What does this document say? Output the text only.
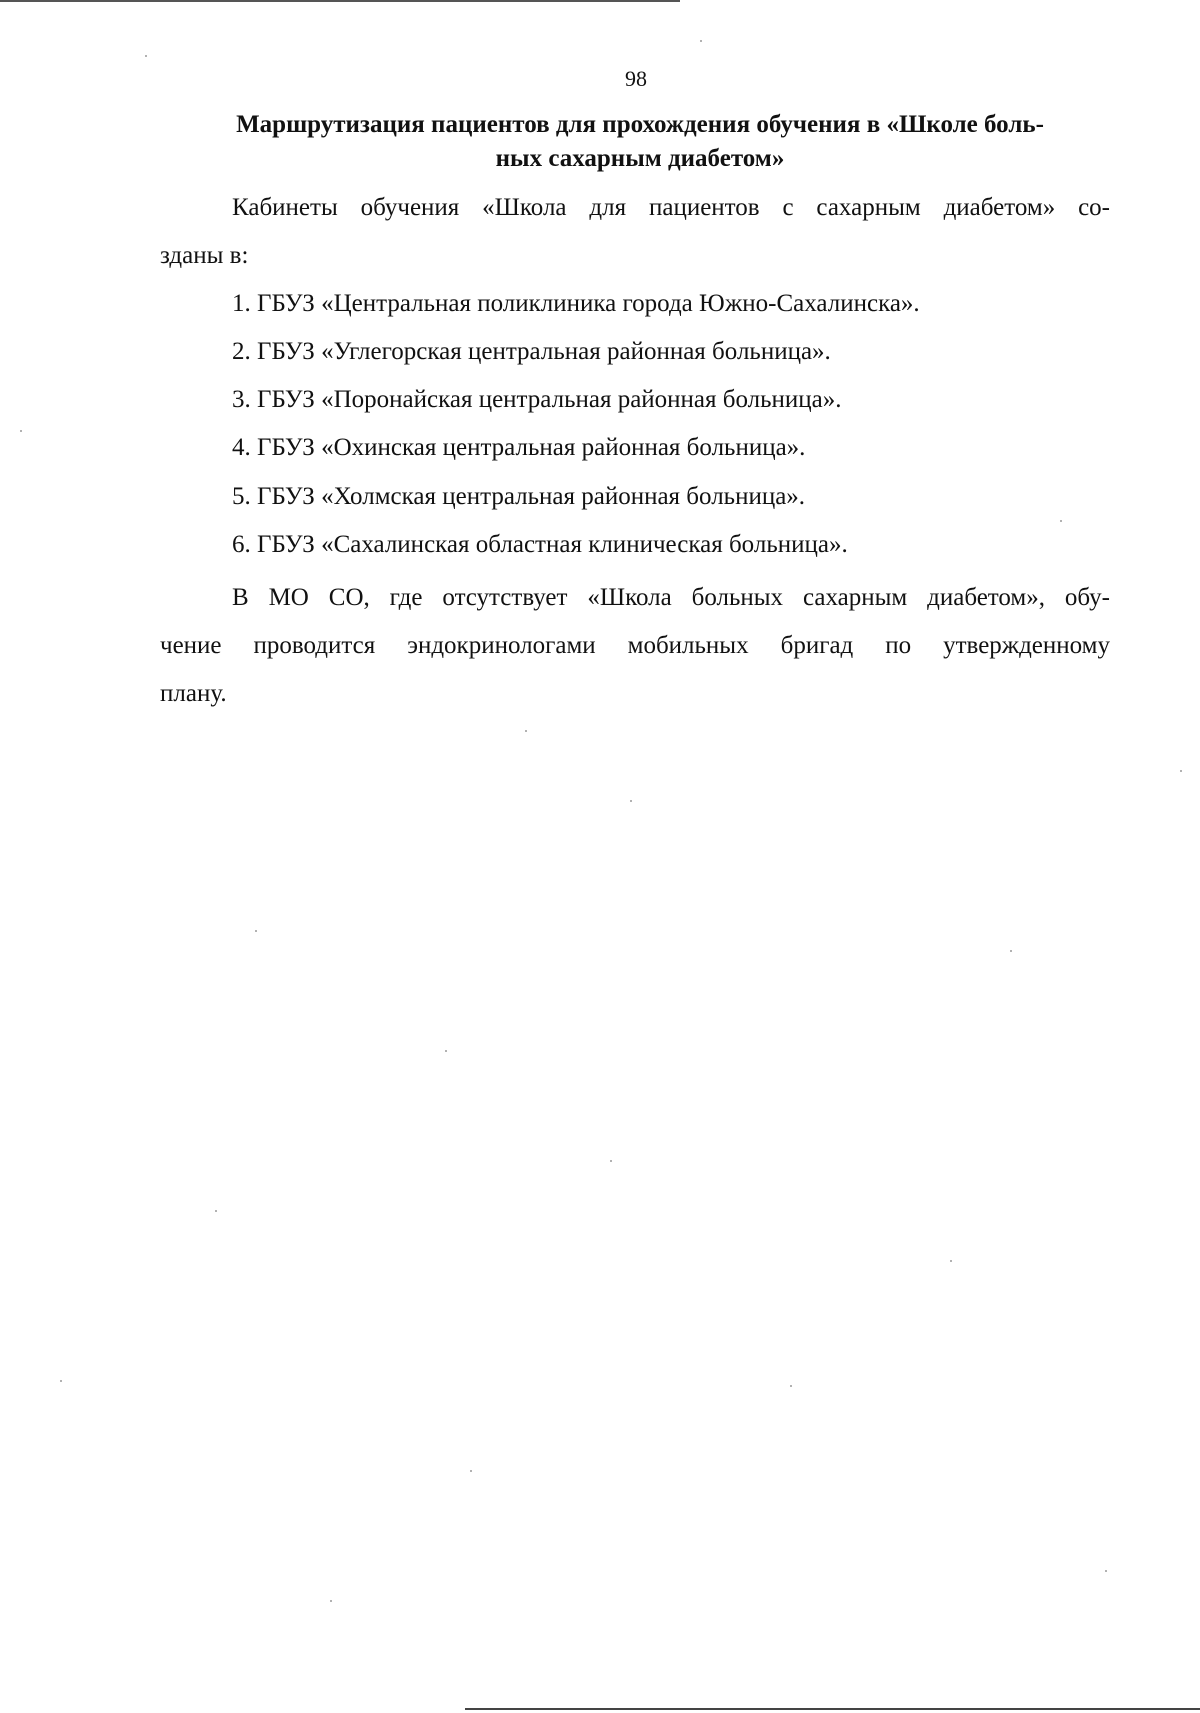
98
Маршрутизация пациентов для прохождения обучения в «Школе боль-
ных сахарным диабетом»
Кабинеты обучения «Школа для пациентов с сахарным диабетом» со-
зданы в:
1. ГБУЗ «Центральная поликлиника города Южно-Сахалинска».
2. ГБУЗ «Углегорская центральная районная больница».
3. ГБУЗ «Поронайская центральная районная больница».
4. ГБУЗ «Охинская центральная районная больница».
5. ГБУЗ «Холмская центральная районная больница».
6. ГБУЗ «Сахалинская областная клиническая больница».
В МО СО, где отсутствует «Школа больных сахарным диабетом», обу-
чение проводится эндокринологами мобильных бригад по утвержденному
плану.
